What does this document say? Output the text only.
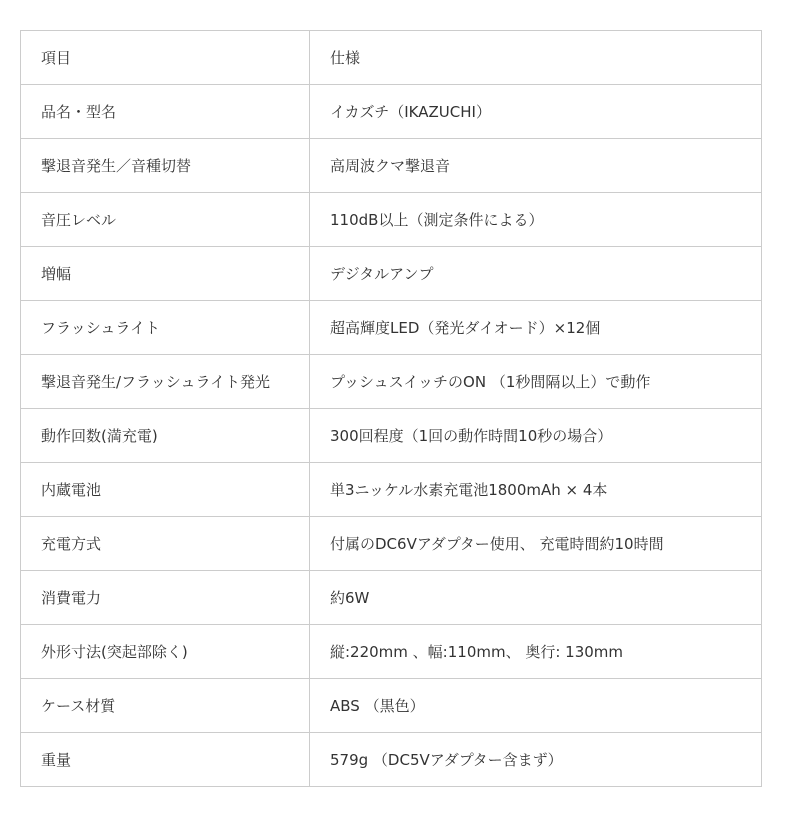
項目	仕様
品名・型名	イカズチ（IKAZUCHI）
撃退音発生／音種切替	高周波クマ撃退音
音圧レベル	110dB以上（測定条件による）
増幅	デジタルアンプ
フラッシュライト	超高輝度LED（発光ダイオード）×12個
撃退音発生/フラッシュライト発光	プッシュスイッチのON （1秒間隔以上）で動作
動作回数(満充電)	300回程度（1回の動作時間10秒の場合）
内蔵電池	単3ニッケル水素充電池1800mAh × 4本
充電方式	付属のDC6Vアダプター使用、 充電時間約10時間
消費電力	約6W
外形寸法(突起部除く)	縦:220mm 、幅:110mm、 奥行: 130mm
ケース材質	ABS （黒色）
重量	579g （DC5Vアダプター含まず）
